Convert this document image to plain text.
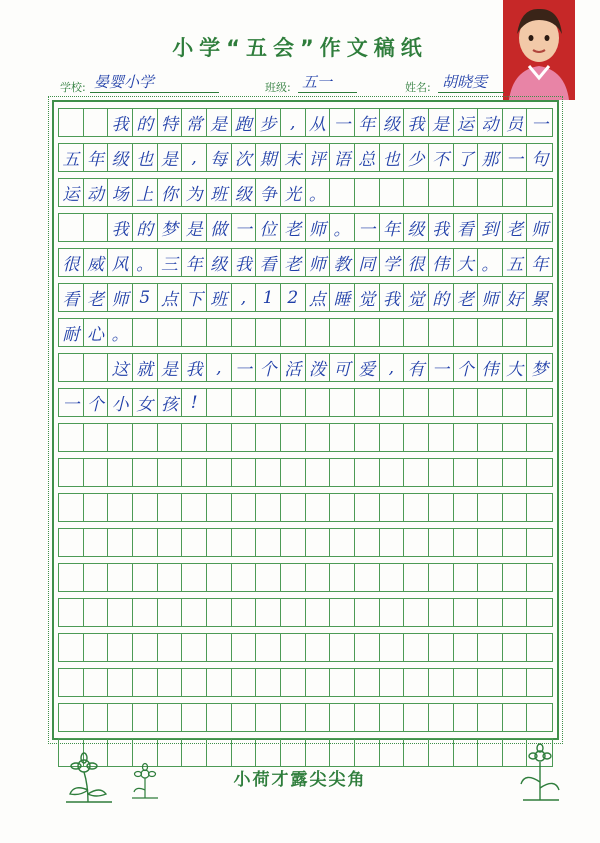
小学“五会”作文稿纸
学校: 晏婴小学	班级: 五一	姓名: 胡晓雯
我 的 特 常 是 跑 步 , 从 一 年 级 我 是 运 动 员 一
五 年 级 也 是 , 每 次 期 末 评 语 总 也 少 不 了 那 一 句
运 动 场 上 你 为 班 级 争 光 。
我 的 梦 是 做 一 位 老 师 。 一 年 级 我 看 到 老 师
很 威 风 。 三 年 级 我 看 老 师 教 同 学 很 伟 大 。 五 年
看 老 师 5 点 下 班 , 1 2 点 睡 觉 我 觉 的 老 师 好 累
耐 心 。
这 就 是 我 , 一 个 活 泼 可 爱 , 有 一 个 伟 大 梦
一 个 小 女 孩 !
小荷才露尖尖角
